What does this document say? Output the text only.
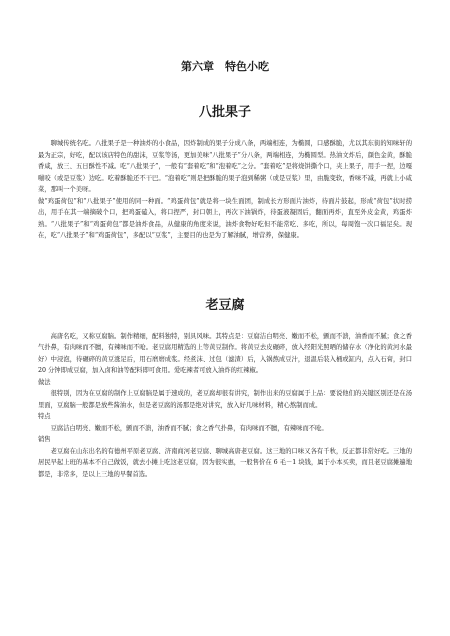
第六章　特色小吃
八批果子

聊城传统名吃。八批果子是一种油炸的小食品，因炸制成的果子分成八条，两端相连，为椭圆，口感酥脆，尤以其东街的知味轩的最为正宗，好吃，配以该店特色的甜沫，豆浆等汤，更加美味“八批果子”分八条，两端相连，为椭圆型。热油文炸后，颜色金黄，酥脆香咸，放三、五日酥性不减。吃“八批果子”，一般有“套着吃”和“泡着吃”之分。“套着吃”是将烧饼撕个口，夹上果子，用手一捏，边嘎嘣咬（或是豆浆）边吃。吃着酥脆还不干巴。“泡着吃”则是把酥脆的果子泡到稀粥（或是豆浆）里，由脆变软，香味不减，再就上小咸菜，那叫一个美呀。

做“鸡蛋荷包”和“八批果子”使用的同一种面。“鸡蛋荷包”就是将一块生面团，制成长方形面片油炸，待面片鼓起，形成“荷包”状时捞出，用手在其一端摘破个口，把鸡蛋磕入，将口捏严，封口朝上，再次下油锅炸，待蛋液凝固后，翻面再炸，直至外皮金黄，鸡蛋炸熟。“八批果子”和“鸡蛋荷包”都是油炸食品，从健康的角度来说，油炸食物好吃但不能常吃、多吃，所以，每周饱一次口福足矣。现在，吃“八批果子”和“鸡蛋荷包”，多配以“豆浆”，主要目的也是为了解油腻，增营养，保健康。

老豆腐

高唐名吃，又称豆腐脑。制作精细，配料独特，别具风味。其特点是：豆腐洁白明亮、嫩而不松，颤而不溃，油香而不腻；食之香气扑鼻，有肉味而不膻，有辣味而不呛。老豆腐用精选的上等黄豆制作。将黄豆去皮碾碎，放入经阳光照晒的储存水（净化的黄河水最好）中浸泡，待碾碎的黄豆涨足后，用石磨磨成浆。经煮沫、过包（滤渣）后，入锅熬成豆汁，退温后装入桶或缸内，点入石膏，封口 20 分钟即成豆腐，加入卤和油等配料即可食用。爱吃辣者可放入油炸的红辣椒。

做法

很特别，因为在豆腐的制作上豆腐脑是属于速成的，老豆腐却很有讲究，制作出来的豆腐属于上品：要说他们的关键区别还是在汤里面，豆腐脑一般都是放些酱油水，但是老豆腐的汤那是绝对讲究，放入好几味材料，精心熬制而成。

特点

豆腐洁白明亮、嫩而不松，颤而不溃，油香而不腻；食之香气扑鼻，有肉味而不膻，有辣味而不呛。

销售

老豆腐在山东出名的有德州平原老豆腐、济南商河老豆腐、聊城高唐老豆腐。这三地的口味又各有千秋，反正都非常好吃。三地的居民早起上班的基本不自己做饭，就去小摊上吃这老豆腐，因为很实惠，一般售价在 6 毛－1 块钱，属于小本买卖，而且老豆腐摊遍地都是，非常多，是以上三地的早餐首选。
